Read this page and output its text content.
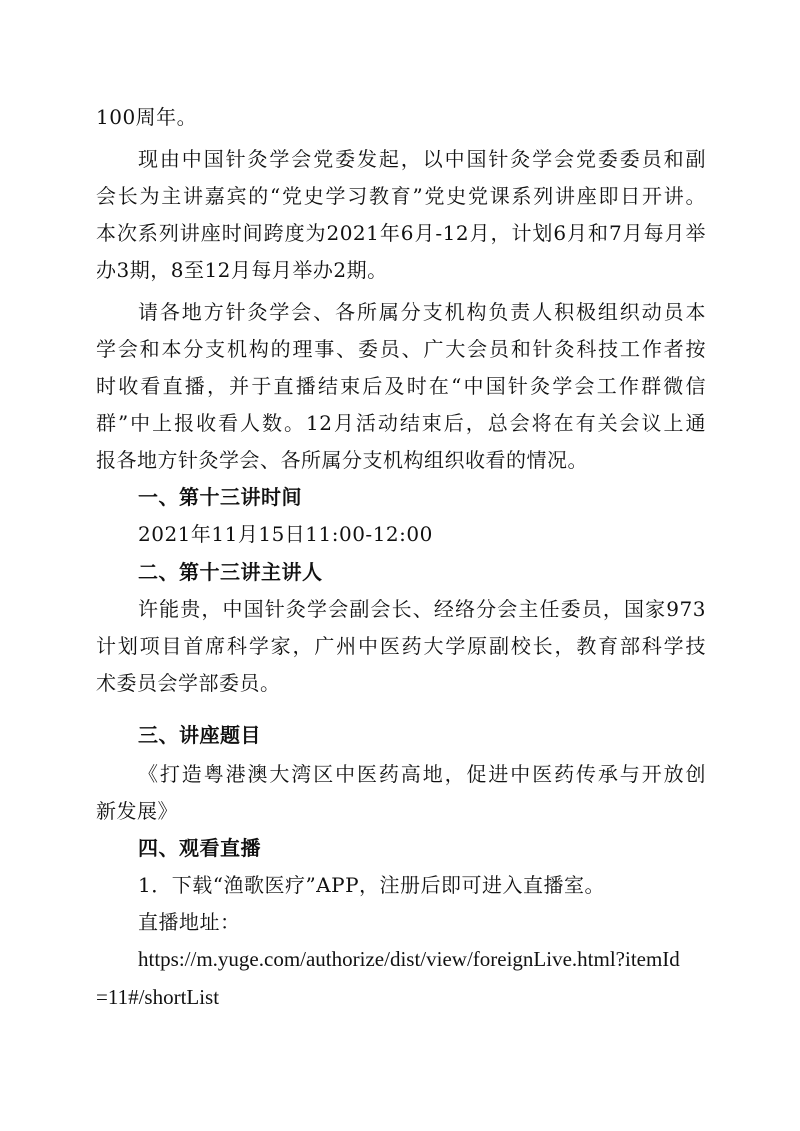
100周年。
现由中国针灸学会党委发起，以中国针灸学会党委委员和副
会长为主讲嘉宾的“党史学习教育”党史党课系列讲座即日开讲。
本次系列讲座时间跨度为2021年6月-12月，计划6月和7月每月举
办3期，8至12月每月举办2期。
请各地方针灸学会、各所属分支机构负责人积极组织动员本
学会和本分支机构的理事、委员、广大会员和针灸科技工作者按
时收看直播，并于直播结束后及时在“中国针灸学会工作群微信
群”中上报收看人数。12月活动结束后，总会将在有关会议上通
报各地方针灸学会、各所属分支机构组织收看的情况。
一、第十三讲时间
2021年11月15日11:00-12:00
二、第十三讲主讲人
许能贵，中国针灸学会副会长、经络分会主任委员，国家973
计划项目首席科学家，广州中医药大学原副校长，教育部科学技
术委员会学部委员。
三、讲座题目
《打造粤港澳大湾区中医药高地，促进中医药传承与开放创
新发展》
四、观看直播
1．下载“渔歌医疗”APP，注册后即可进入直播室。
直播地址：
https://m.yuge.com/authorize/dist/view/foreignLive.html?itemId
=11#/shortList
